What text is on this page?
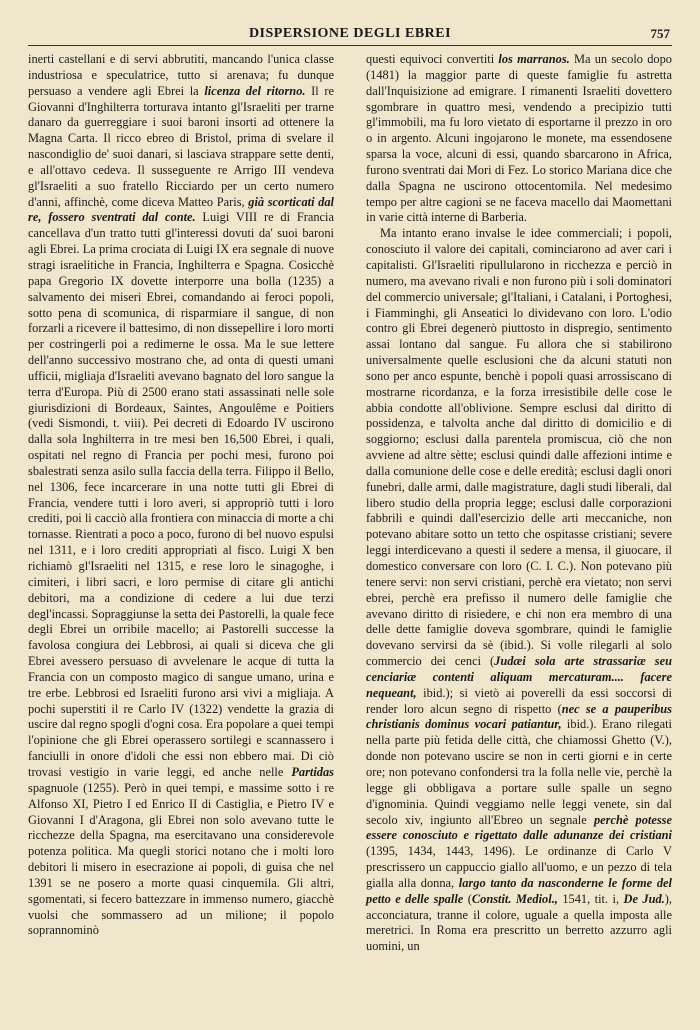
DISPERSIONE DEGLI EBREI	757

inerti castellani e di servi abbrutiti, mancando l'unica classe industriosa e speculatrice, tutto si arenava; fu dunque persuaso a vendere agli Ebrei la licenza del ritorno. Il re Giovanni d'Inghilterra torturava intanto gl'Israeliti per trarne danaro da guerreggiare i suoi baroni insorti ad ottenere la Magna Carta. Il ricco ebreo di Bristol, prima di svelare il nascondiglio de' suoi danari, si lasciava strappare sette denti, e all'ottavo cedeva. Il susseguente re Arrigo III vendeva gl'Israeliti a suo fratello Ricciardo per un certo numero d'anni, affinchè, come diceva Matteo Paris, già scorticati dal re, fossero sventrati dal conte. Luigi VIII re di Francia cancellava d'un tratto tutti gl'interessi dovuti da' suoi baroni agli Ebrei. La prima crociata di Luigi IX era segnale di nuove stragi israelitiche in Francia, Inghilterra e Spagna. Cosicchè papa Gregorio IX dovette interporre una bolla (1235) a salvamento dei miseri Ebrei, comandando ai feroci popoli, sotto pena di scomunica, di risparmiare il sangue, di non forzarli a ricevere il battesimo, di non dissepellire i loro morti per costringerli poi a redimerne le ossa. Ma le sue lettere dell'anno successivo mostrano che, ad onta di questi umani ufficii, migliaja d'Israeliti avevano bagnato del loro sangue la terra d'Europa. Più di 2500 erano stati assassinati nelle sole giurisdizioni di Bordeaux, Saintes, Angoulême e Poitiers (vedi Sismondi, t. viii). Pei decreti di Edoardo IV uscirono dalla sola Inghilterra in tre mesi ben 16,500 Ebrei, i quali, ospitati nel regno di Francia per pochi mesi, furono poi sbalestrati senza asilo sulla faccia della terra. Filippo il Bello, nel 1306, fece incarcerare in una notte tutti gli Ebrei di Francia, vendere tutti i loro averi, si appropriò tutti i loro crediti, poi li cacciò alla frontiera con minaccia di morte a chi tornasse. Rientrati a poco a poco, furono di bel nuovo espulsi nel 1311, e i loro crediti appropriati al fisco. Luigi X ben richiamò gl'Israeliti nel 1315, e rese loro le sinagoghe, i cimiteri, i libri sacri, e loro permise di citare gli antichi debitori, ma a condizione di cedere a lui due terzi degl'incassi. Sopraggiunse la setta dei Pastorelli, la quale fece degli Ebrei un orribile macello; ai Pastorelli successe la favolosa congiura dei Lebbrosi, ai quali si diceva che gli Ebrei avessero persuaso di avvelenare le acque di tutta la Francia con un composto magico di sangue umano, urina e tre erbe. Lebbrosi ed Israeliti furono arsi vivi a migliaja. A pochi superstiti il re Carlo IV (1322) vendette la grazia di uscire dal regno spogli d'ogni cosa. Era popolare a quei tempi l'opinione che gli Ebrei operassero sortilegi e scannassero i fanciulli in onore d'idoli che essi non ebbero mai. Di ciò trovasi vestigio in varie leggi, ed anche nelle Partidas spagnuole (1255). Però in quei tempi, e massime sotto i re Alfonso XI, Pietro I ed Enrico II di Castiglia, e Pietro IV e Giovanni I d'Aragona, gli Ebrei non solo avevano tutte le ricchezze della Spagna, ma esercitavano una considerevole potenza politica. Ma quegli storici notano che i molti loro debitori li misero in esecrazione ai popoli, di guisa che nel 1391 se ne posero a morte quasi cinquemila. Gli altri, sgomentati, si fecero battezzare in immenso numero, giacchè vuolsi che sommassero ad un milione; il popolo soprannominò

questi equivoci convertiti los marranos. Ma un secolo dopo (1481) la maggior parte di queste famiglie fu astretta dall'Inquisizione ad emigrare. I rimanenti Israeliti dovettero sgombrare in quattro mesi, vendendo a precipizio tutti gl'immobili, ma fu loro vietato di esportarne il prezzo in oro o in argento. Alcuni ingojarono le monete, ma essendosene sparsa la voce, alcuni di essi, quando sbarcarono in Africa, furono sventrati dai Mori di Fez. Lo storico Mariana dice che dalla Spagna ne uscirono ottocentomila. Nel medesimo tempo per altre cagioni se ne faceva macello dai Maomettani in varie città interne di Barberia.

Ma intanto erano invalse le idee commerciali; i popoli, conosciuto il valore dei capitali, cominciarono ad aver cari i capitalisti. Gl'Israeliti ripullularono in ricchezza e perciò in numero, ma avevano rivali e non furono più i soli dominatori del commercio universale; gl'Italiani, i Catalani, i Portoghesi, i Fiamminghi, gli Anseatici lo dividevano con loro. L'odio contro gli Ebrei degenerò piuttosto in dispregio, sentimento assai lontano dal sangue. Fu allora che si stabilirono universalmente quelle esclusioni che da alcuni statuti non sono per anco espunte, benchè i popoli quasi arrossiscano di mostrarne ricordanza, e la forza irresistibile delle cose le abbia condotte all'oblivione. Sempre esclusi dal diritto di possidenza, e talvolta anche dal diritto di domicilio e di soggiorno; esclusi dalla parentela promiscua, ciò che non avviene ad altre sètte; esclusi quindi dalle affezioni intime e dalla comunione delle cose e delle eredità; esclusi dagli onori funebri, dalle armi, dalle magistrature, dagli studi liberali, dal libero studio della propria legge; esclusi dalle corporazioni fabbrili e quindi dall'esercizio delle arti meccaniche, non potevano abitare sotto un tetto che ospitasse cristiani; severe leggi interdicevano a questi il sedere a mensa, il giuocare, il domestico conversare con loro (C. I. C.). Non potevano più tenere servi: non servi cristiani, perchè era vietato; non servi ebrei, perchè era prefisso il numero delle famiglie che avevano diritto di risiedere, e chi non era membro di una delle dette famiglie doveva sgombrare, quindi le famiglie dovevano servirsi da sè (ibid.). Si volle rilegarli al solo commercio dei cenci (Judæi sola arte strassariæ seu cenciariæ contenti aliquam mercaturam.... facere nequeant, ibid.); si vietò ai poverelli da essi soccorsi di render loro alcun segno di rispetto (nec se a pauperibus christianis dominus vocari patiantur, ibid.). Erano rilegati nella parte più fetida delle città, che chiamossi Ghetto (V.), donde non potevano uscire se non in certi giorni e in certe ore; non potevano confondersi tra la folla nelle vie, perchè la legge gli obbligava a portare sulle spalle un segno d'ignominia. Quindi veggiamo nelle leggi venete, sin dal secolo xiv, ingiunto all'Ebreo un segnale perchè potesse essere conosciuto e rigettato dalle adunanze dei cristiani (1395, 1434, 1443, 1496). Le ordinanze di Carlo V prescrissero un cappuccio giallo all'uomo, e un pezzo di tela gialla alla donna, largo tanto da nasconderne le forme del petto e delle spalle (Constit. Mediol., 1541, tit. i, De Jud.), acconciatura, tranne il colore, uguale a quella imposta alle meretrici. In Roma era prescritto un berretto azzurro agli uomini, un
